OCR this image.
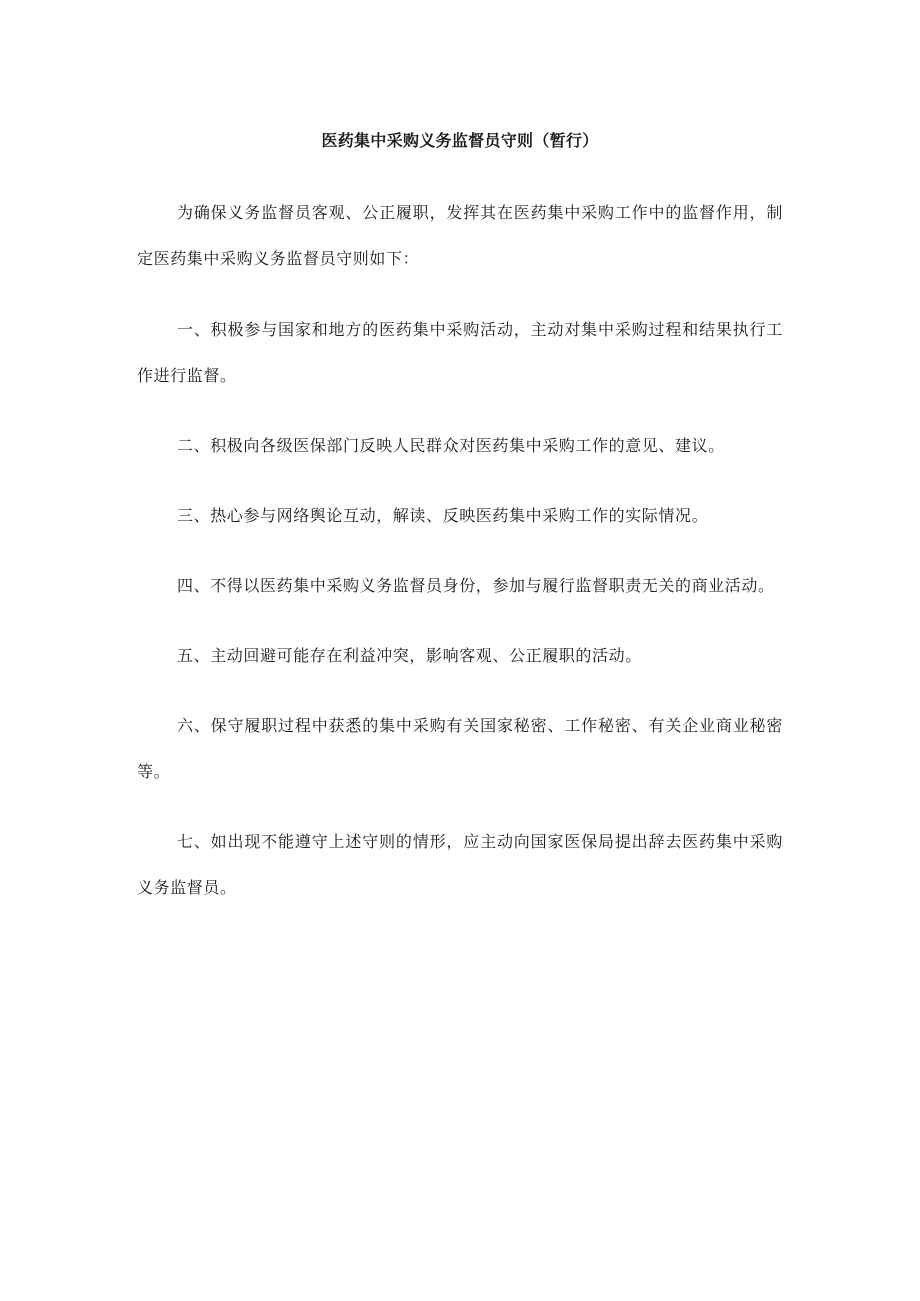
医药集中采购义务监督员守则（暂行）

为确保义务监督员客观、公正履职，发挥其在医药集中采购工作中的监督作用，制定医药集中采购义务监督员守则如下：

一、积极参与国家和地方的医药集中采购活动，主动对集中采购过程和结果执行工作进行监督。

二、积极向各级医保部门反映人民群众对医药集中采购工作的意见、建议。

三、热心参与网络舆论互动，解读、反映医药集中采购工作的实际情况。

四、不得以医药集中采购义务监督员身份，参加与履行监督职责无关的商业活动。

五、主动回避可能存在利益冲突，影响客观、公正履职的活动。

六、保守履职过程中获悉的集中采购有关国家秘密、工作秘密、有关企业商业秘密等。

七、如出现不能遵守上述守则的情形，应主动向国家医保局提出辞去医药集中采购义务监督员。
